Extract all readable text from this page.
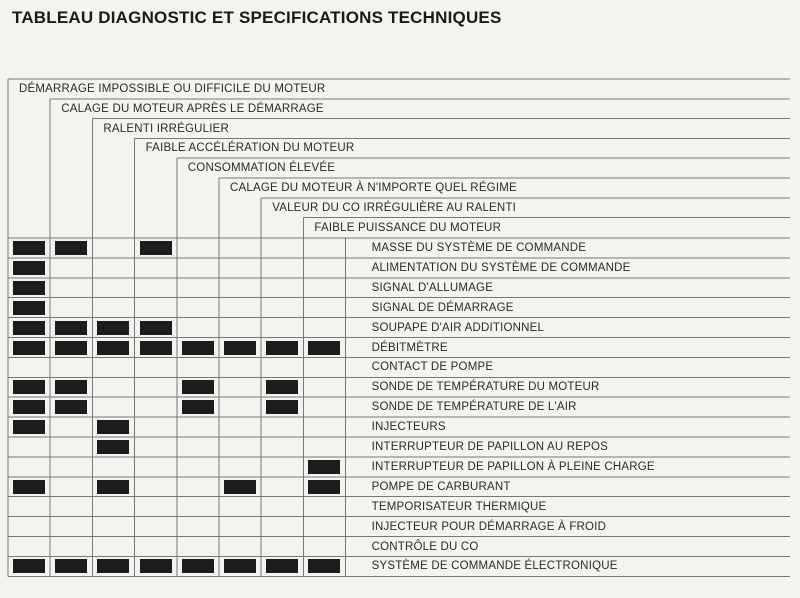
TABLEAU DIAGNOSTIC ET SPECIFICATIONS TECHNIQUES
DÉMARRAGE IMPOSSIBLE OU DIFFICILE DU MOTEUR
CALAGE DU MOTEUR APRÈS LE DÉMARRAGE
RALENTI IRRÉGULIER
FAIBLE ACCÉLÉRATION DU MOTEUR
CONSOMMATION ÉLEVÉE
CALAGE DU MOTEUR À N'IMPORTE QUEL RÉGIME
VALEUR DU CO IRRÉGULIÈRE AU RALENTI
FAIBLE PUISSANCE DU MOTEUR
MASSE DU SYSTÈME DE COMMANDE
ALIMENTATION DU SYSTÈME DE COMMANDE
SIGNAL D'ALLUMAGE
SIGNAL DE DÉMARRAGE
SOUPAPE D'AIR ADDITIONNEL
DÉBITMÈTRE
CONTACT DE POMPE
SONDE DE TEMPÉRATURE DU MOTEUR
SONDE DE TEMPÉRATURE DE L'AIR
INJECTEURS
INTERRUPTEUR DE PAPILLON AU REPOS
INTERRUPTEUR DE PAPILLON À PLEINE CHARGE
POMPE DE CARBURANT
TEMPORISATEUR THERMIQUE
INJECTEUR POUR DÉMARRAGE À FROID
CONTRÔLE DU CO
SYSTÈME DE COMMANDE ÉLECTRONIQUE
